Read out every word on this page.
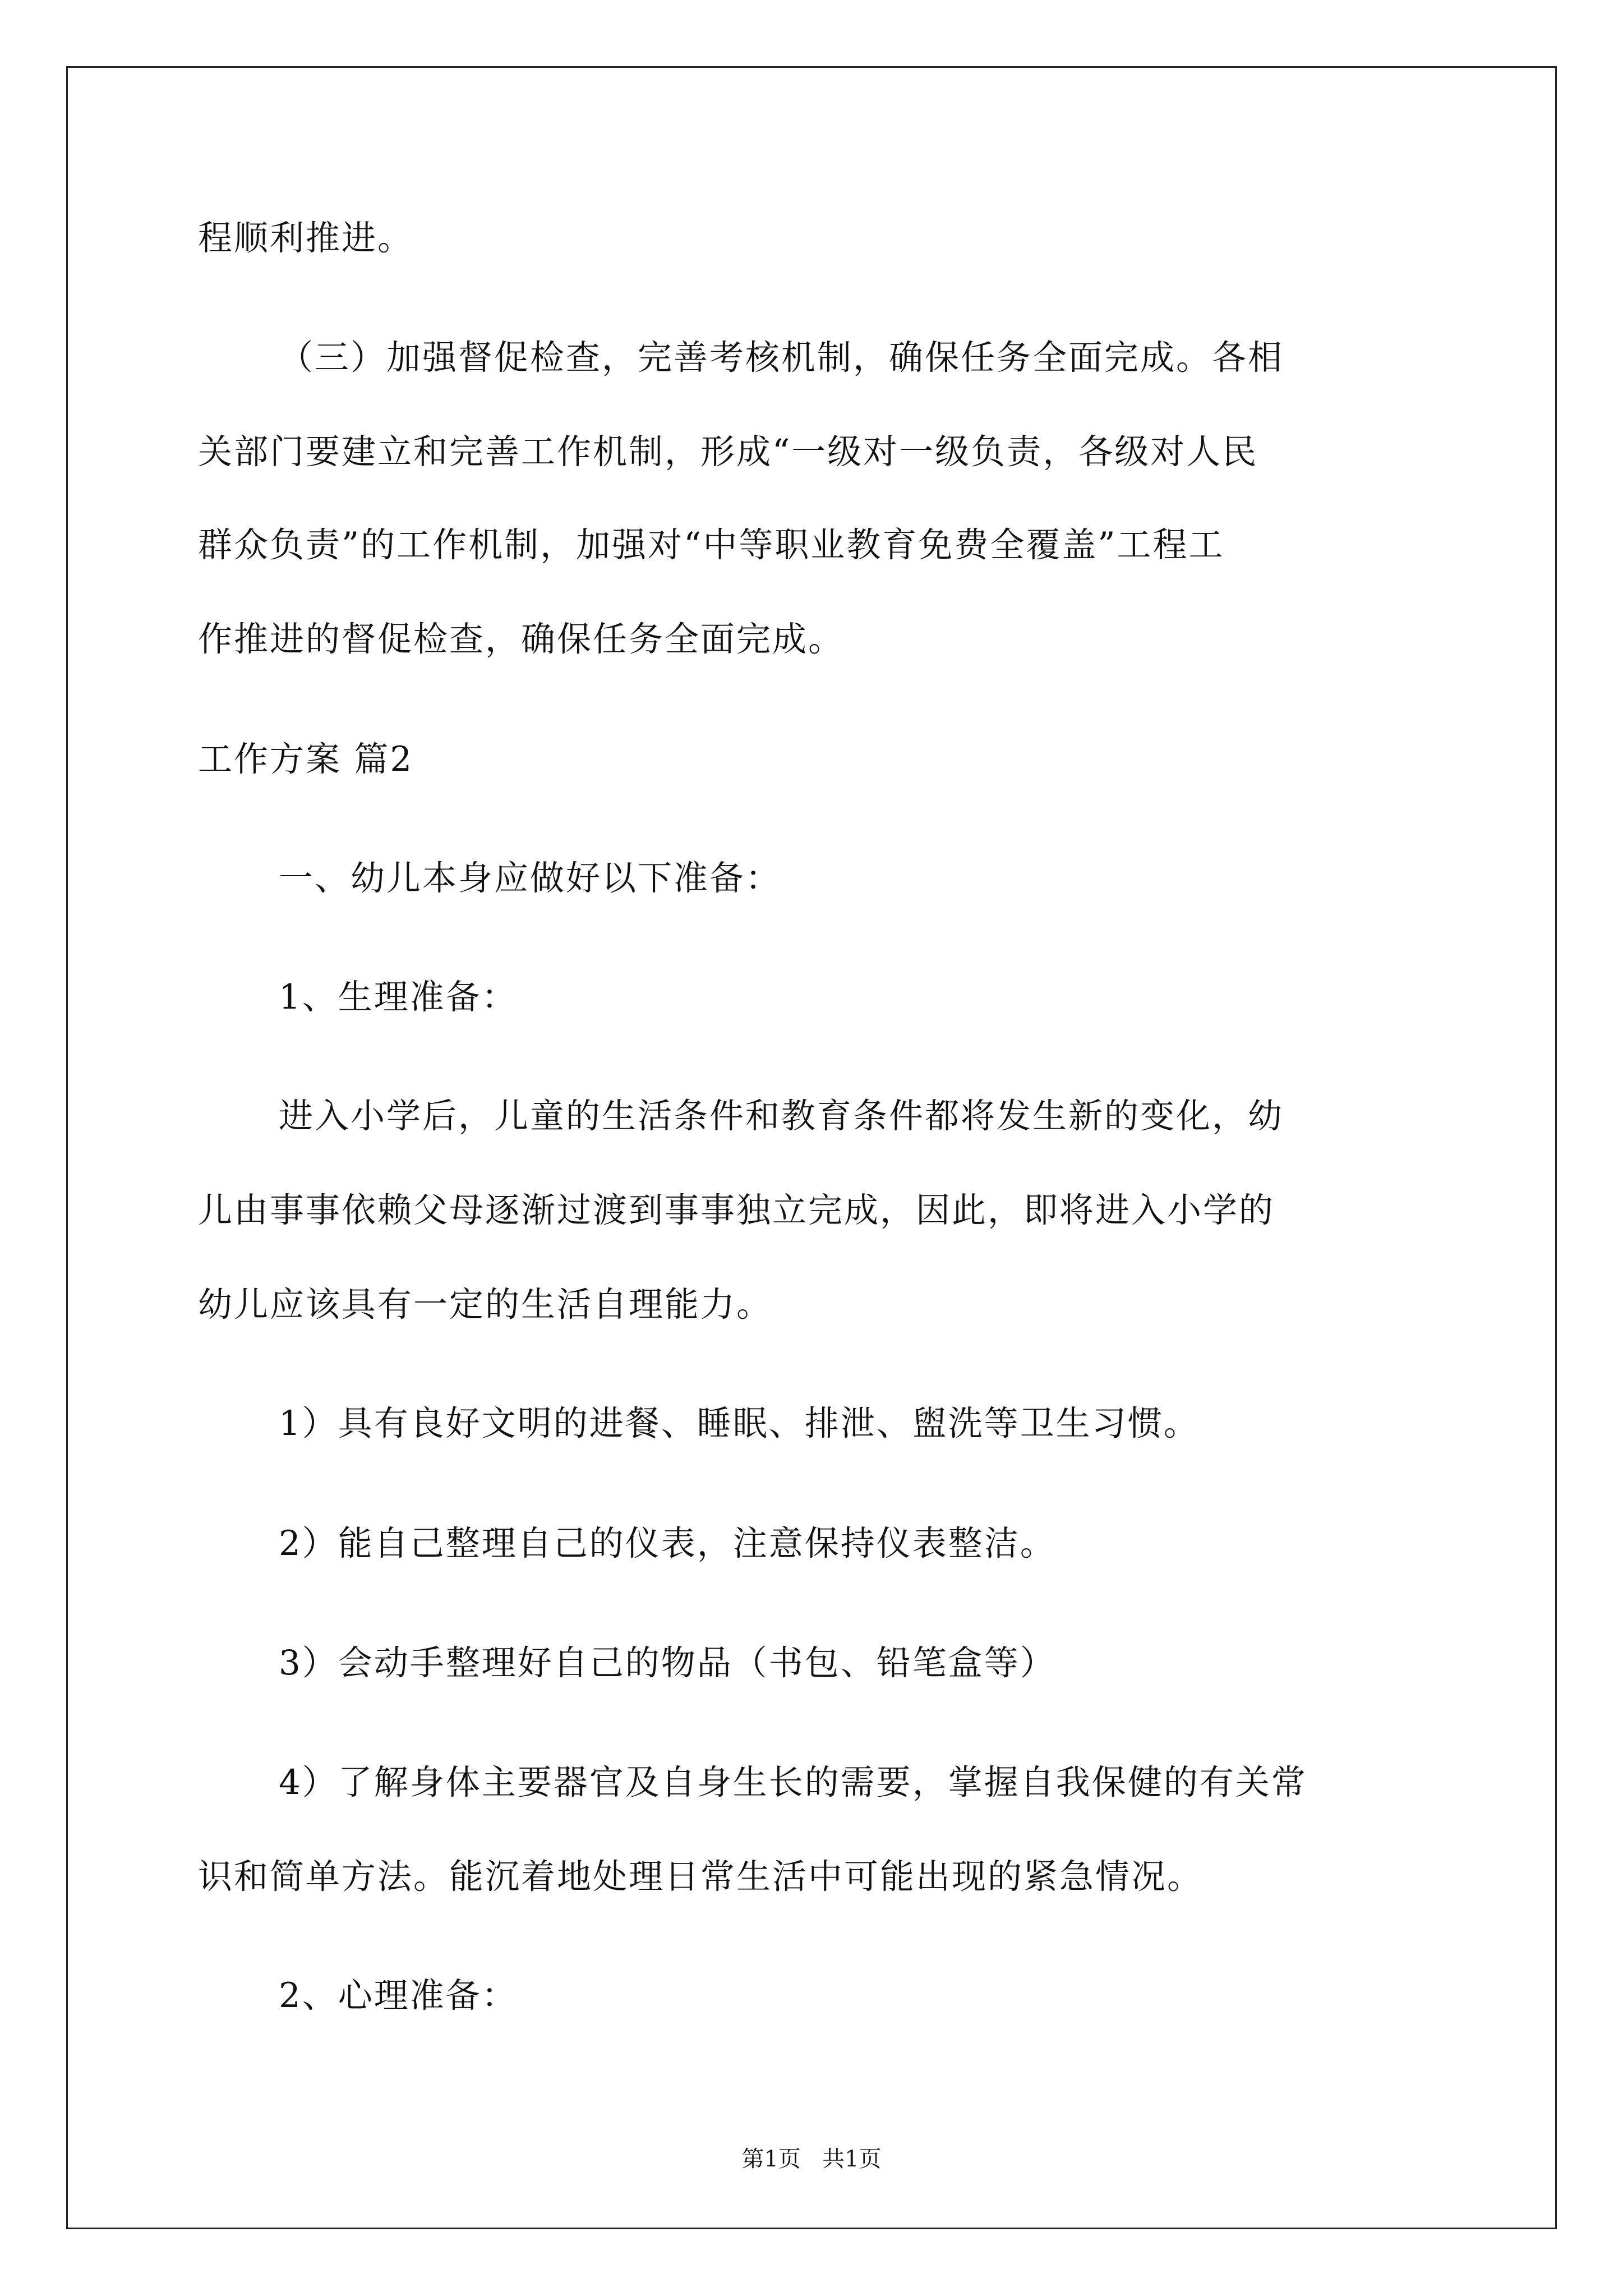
程顺利推进。

（三）加强督促检查，完善考核机制，确保任务全面完成。各相

关部门要建立和完善工作机制，形成“一级对一级负责，各级对人民

群众负责”的工作机制，加强对“中等职业教育免费全覆盖”工程工

作推进的督促检查，确保任务全面完成。

工作方案 篇2

一、幼儿本身应做好以下准备：

1、生理准备：

进入小学后，儿童的生活条件和教育条件都将发生新的变化，幼

儿由事事依赖父母逐渐过渡到事事独立完成，因此，即将进入小学的

幼儿应该具有一定的生活自理能力。

1）具有良好文明的进餐、睡眠、排泄、盥洗等卫生习惯。

2）能自己整理自己的仪表，注意保持仪表整洁。

3）会动手整理好自己的物品（书包、铅笔盒等）

4）了解身体主要器官及自身生长的需要，掌握自我保健的有关常

识和简单方法。能沉着地处理日常生活中可能出现的紧急情况。

2、心理准备：

第1页   共1页
